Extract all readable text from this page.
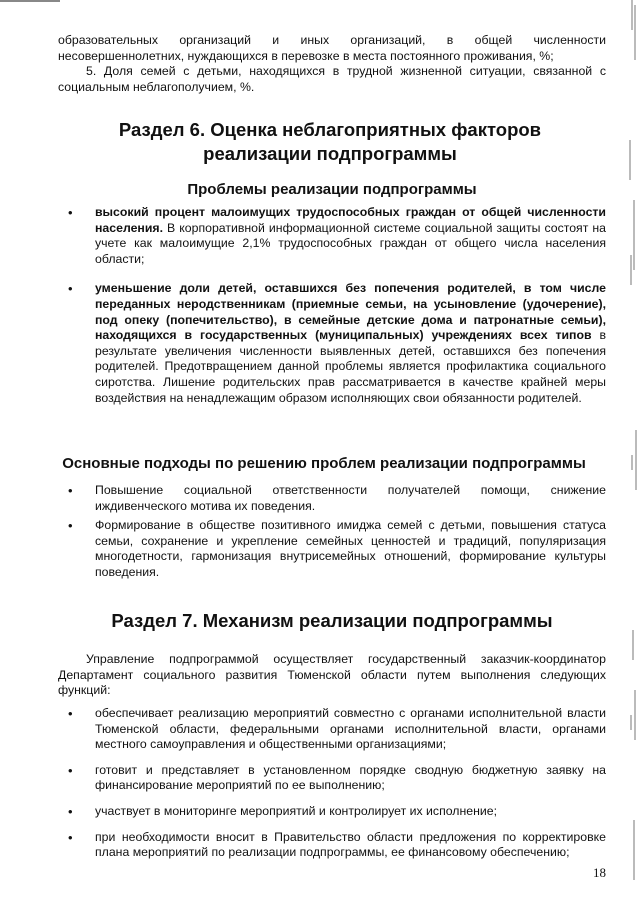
образовательных организаций и иных организаций, в общей численности несовершеннолетних, нуждающихся в перевозке в места постоянного проживания, %;

5. Доля семей с детьми, находящихся в трудной жизненной ситуации, связанной с социальным неблагополучием, %.

Раздел 6. Оценка неблагоприятных факторов реализации подпрограммы
Проблемы реализации подпрограммы
• высокий процент малоимущих трудоспособных граждан от общей численности населения. В корпоративной информационной системе социальной защиты состоят на учете как малоимущие 2,1% трудоспособных граждан от общего числа населения области;
• уменьшение доли детей, оставшихся без попечения родителей, в том числе переданных неродственникам (приемные семьи, на усыновление (удочерение), под опеку (попечительство), в семейные детские дома и патронатные семьи), находящихся в государственных (муниципальных) учреждениях всех типов в результате увеличения численности выявленных детей, оставшихся без попечения родителей. Предотвращением данной проблемы является профилактика социального сиротства. Лишение родительских прав рассматривается в качестве крайней меры воздействия на ненадлежащим образом исполняющих свои обязанности родителей.
Основные подходы по решению проблем реализации подпрограммы
• Повышение социальной ответственности получателей помощи, снижение иждивенческого мотива их поведения.
• Формирование в обществе позитивного имиджа семей с детьми, повышения статуса семьи, сохранение и укрепление семейных ценностей и традиций, популяризация многодетности, гармонизация внутрисемейных отношений, формирование культуры поведения.
Раздел 7. Механизм реализации подпрограммы

Управление подпрограммой осуществляет государственный заказчик-координатор Департамент социального развития Тюменской области путем выполнения следующих функций:

• обеспечивает реализацию мероприятий совместно с органами исполнительной власти Тюменской области, федеральными органами исполнительной власти, органами местного самоуправления и общественными организациями;
• готовит и представляет в установленном порядке сводную бюджетную заявку на финансирование мероприятий по ее выполнению;
• участвует в мониторинге мероприятий и контролирует их исполнение;
• при необходимости вносит в Правительство области предложения по корректировке плана мероприятий по реализации подпрограммы, ее финансовому обеспечению;
18
